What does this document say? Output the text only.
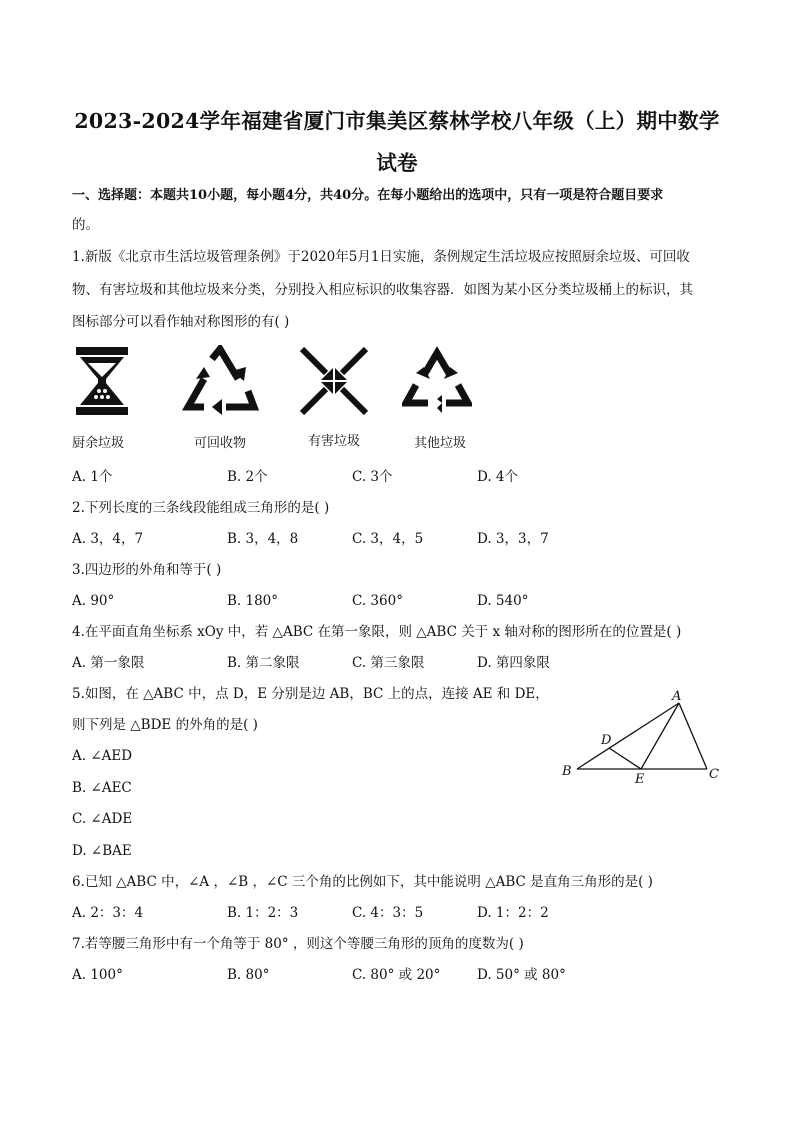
2023-2024学年福建省厦门市集美区蔡林学校八年级（上）期中数学
试卷
一、选择题：本题共10小题，每小题4分，共40分。在每小题给出的选项中，只有一项是符合题目要求
的。
1.新版《北京市生活垃圾管理条例》于2020年5月1日实施，条例规定生活垃圾应按照厨余垃圾、可回收
物、有害垃圾和其他垃圾来分类，分别投入相应标识的收集容器．如图为某小区分类垃圾桶上的标识，其
图标部分可以看作轴对称图形的有( )
厨余垃圾	可回收物	有害垃圾	其他垃圾
A. 1个	B. 2个	C. 3个	D. 4个
2.下列长度的三条线段能组成三角形的是( )
A. 3，4，7	B. 3，4，8	C. 3，4，5	D. 3，3，7
3.四边形的外角和等于( )
A. 90°	B. 180°	C. 360°	D. 540°
4.在平面直角坐标系 xOy 中，若 △ABC 在第一象限，则 △ABC 关于 x 轴对称的图形所在的位置是( )
A. 第一象限	B. 第二象限	C. 第三象限	D. 第四象限
5.如图，在 △ABC 中，点 D，E 分别是边 AB，BC 上的点，连接 AE 和 DE，
则下列是 △BDE 的外角的是( )
A. ∠AED
B. ∠AEC
C. ∠ADE
D. ∠BAE
A
B	C
D
E
6.已知 △ABC 中，∠A ，∠B ，∠C 三个角的比例如下，其中能说明 △ABC 是直角三角形的是( )
A. 2：3：4	B. 1：2：3	C. 4：3：5	D. 1：2：2
7.若等腰三角形中有一个角等于 80° ，则这个等腰三角形的顶角的度数为( )
A. 100°	B. 80°	C. 80° 或 20°	D. 50° 或 80°
